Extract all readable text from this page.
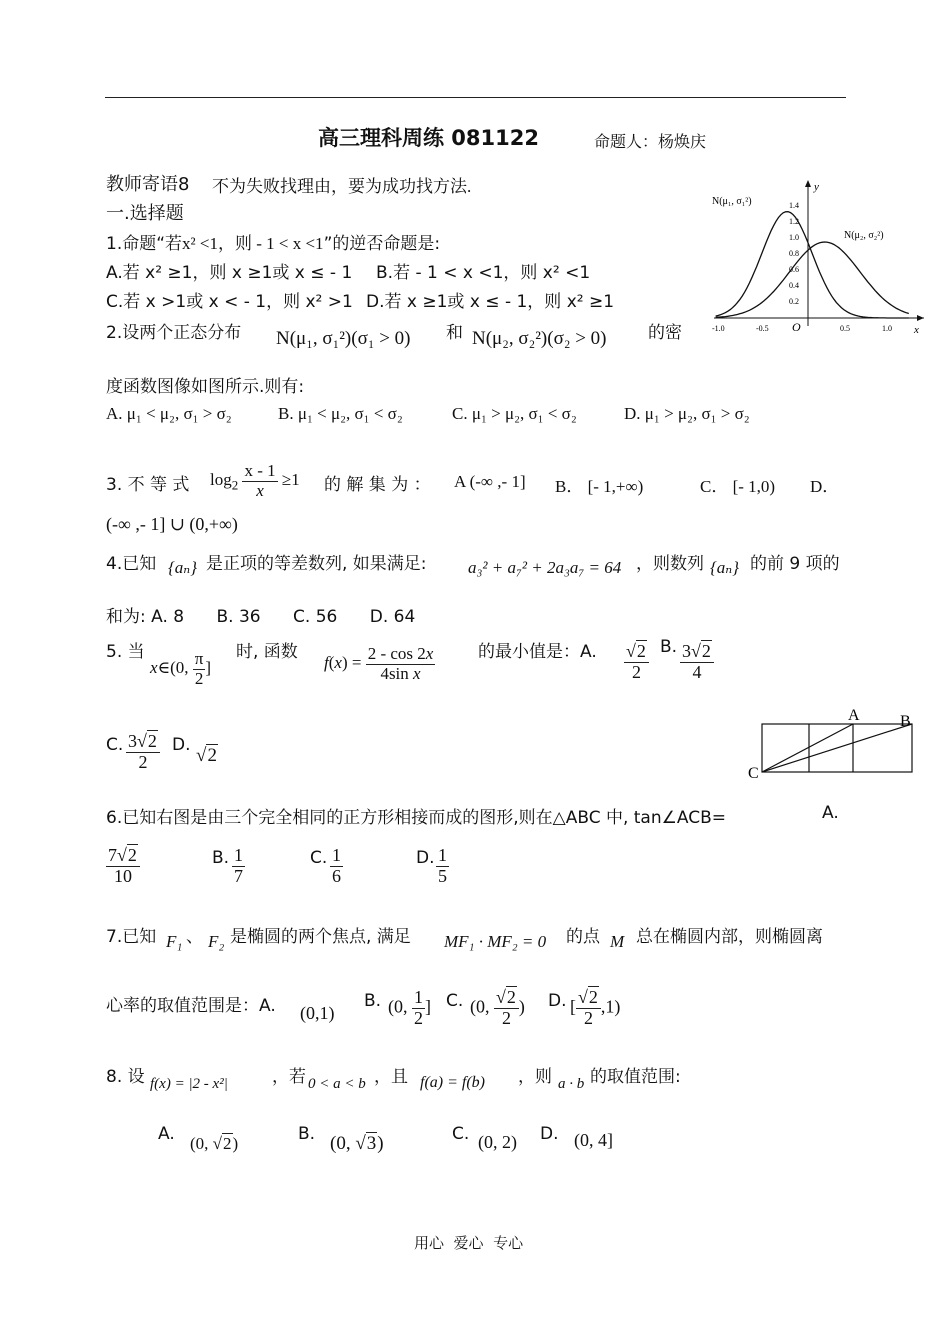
高三理科周练 081122	命题人：杨焕庆
教师寄语8 不为失败找理由，要为成功找方法.
一.选择题
1.命题“若x² <1，则 - 1 < x <1”的逆否命题是:
A.若 x² ≥1，则 x ≥1或 x ≤ - 1 B.若 - 1 < x <1，则 x² <1
C.若 x >1或 x < - 1，则 x² >1 D.若 x ≥1或 x ≤ - 1，则 x² ≥1
2.设两个正态分布 N(μ₁, σ₁²)(σ₁ > 0) 和 N(μ₂, σ₂²)(σ₂ > 0) 的密
度函数图像如图所示.则有:
A. μ₁ < μ₂, σ₁ > σ₂	B. μ₁ < μ₂, σ₁ < σ₂	C. μ₁ > μ₂, σ₁ < σ₂	D. μ₁ > μ₂, σ₁ > σ₂
y
x
O
1.4
1.2
1.0
0.8
0.6
0.4
0.2
-1.0	-0.5	0.5	1.0
N(μ₁, σ₁²)
N(μ₂, σ₂²)
3. 不 等 式 $\log_2 \frac{x - 1}{x} \ge 1$ 的 解 集 为 ： A (-∞ ,- 1] B． [- 1,+∞)	C． [- 1,0) D．
(-∞ ,- 1] ∪ (0,+∞)
4.已知 {aₙ} 是正项的等差数列, 如果满足: a₃² + a₇² + 2a₃a₇ = 64 ，则数列 {aₙ} 的前 9 项的
和为: A. 8      B. 36      C. 56      D. 64
5. 当
x∈(0, $\frac{\pi}{2}$ ]
时, 函数
$f(x) = \frac{2 - \cos 2x}{\text{4sin x}}$	的最小值是：A. $\frac{√2}{2} B$. $\frac{3√2}{4}$
C. $\frac{3√2}{2} D$. √2
A	B
C
6.已知右图是由三个完全相同的正方形相接而成的图形,则在△ABC 中, tan∠ACB=	A.
$\frac{7√2}{10}$	B. $\frac{1}{7}$	C. $\frac{1}{6}$	D. $\frac{1}{5}$
7.已知 F₁ 、 F₂ 是椭圆的两个焦点, 满足 MF₁ · MF₂ = 0 的点 M 总在椭圆内部，则椭圆离
心率的取值范围是：A. (0,1)
B. (0, $\frac{1}{2}$ ] C. (0, $\frac{√2}{2}$ ) D. [ $\frac{√2}{2} ,1$)
8. 设 f(x) = |2 - x²|	，若 0 < a < b ，且 f(a) = f(b) ，则 a · b 的取值范围:
A. (0, √2)	B. (0, √3)	C. (0, 2) D. (0, 4]
用心  爱心  专心
